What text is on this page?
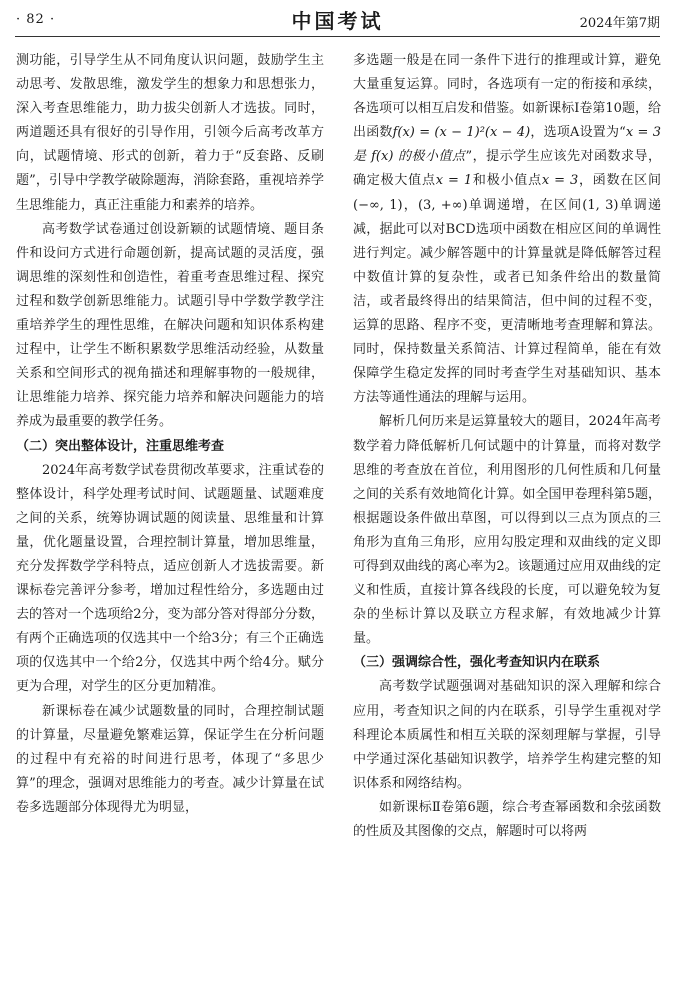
· 82 ·	中国考试	2024年第7期

测功能，引导学生从不同角度认识问题，鼓励学生主动思考、发散思维，激发学生的想象力和思想张力，深入考查思维能力，助力拔尖创新人才选拔。同时，两道题还具有很好的引导作用，引领今后高考改革方向，试题情境、形式的创新，着力于“反套路、反刷题”，引导中学教学破除题海，消除套路，重视培养学生思维能力，真正注重能力和素养的培养。

高考数学试卷通过创设新颖的试题情境、题目条件和设问方式进行命题创新，提高试题的灵活度，强调思维的深刻性和创造性，着重考查思维过程、探究过程和数学创新思维能力。试题引导中学数学教学注重培养学生的理性思维，在解决问题和知识体系构建过程中，让学生不断积累数学思维活动经验，从数量关系和空间形式的视角描述和理解事物的一般规律，让思维能力培养、探究能力培养和解决问题能力的培养成为最重要的教学任务。

（二）突出整体设计，注重思维考查

2024年高考数学试卷贯彻改革要求，注重试卷的整体设计，科学处理考试时间、试题题量、试题难度之间的关系，统筹协调试题的阅读量、思维量和计算量，优化题量设置，合理控制计算量，增加思维量，充分发挥数学学科特点，适应创新人才选拔需要。新课标卷完善评分参考，增加过程性给分，多选题由过去的答对一个选项给2分，变为部分答对得部分分数，有两个正确选项的仅选其中一个给3分；有三个正确选项的仅选其中一个给2分，仅选其中两个给4分。赋分更为合理，对学生的区分更加精准。

新课标卷在减少试题数量的同时，合理控制试题的计算量，尽量避免繁难运算，保证学生在分析问题的过程中有充裕的时间进行思考，体现了“多思少算”的理念，强调对思维能力的考查。减少计算量在试卷多选题部分体现得尤为明显，

多选题一般是在同一条件下进行的推理或计算，避免大量重复运算。同时，各选项有一定的衔接和承续，各选项可以相互启发和借鉴。如新课标Ⅰ卷第10题，给出函数f(x) = (x − 1)²(x − 4)，选项A设置为“x = 3 是 f(x) 的极小值点”，提示学生应该先对函数求导，确定极大值点x = 1和极小值点x = 3，函数在区间(−∞, 1)，(3, +∞)单调递增，在区间(1, 3)单调递减，据此可以对BCD选项中函数在相应区间的单调性进行判定。减少解答题中的计算量就是降低解答过程中数值计算的复杂性，或者已知条件给出的数量简洁，或者最终得出的结果简洁，但中间的过程不变，运算的思路、程序不变，更清晰地考查理解和算法。同时，保持数量关系简洁、计算过程简单，能在有效保障学生稳定发挥的同时考查学生对基础知识、基本方法等通性通法的理解与运用。

解析几何历来是运算量较大的题目，2024年高考数学着力降低解析几何试题中的计算量，而将对数学思维的考查放在首位，利用图形的几何性质和几何量之间的关系有效地简化计算。如全国甲卷理科第5题，根据题设条件做出草图，可以得到以三点为顶点的三角形为直角三角形，应用勾股定理和双曲线的定义即可得到双曲线的离心率为2。该题通过应用双曲线的定义和性质，直接计算各线段的长度，可以避免较为复杂的坐标计算以及联立方程求解，有效地减少计算量。

（三）强调综合性，强化考查知识内在联系

高考数学试题强调对基础知识的深入理解和综合应用，考查知识之间的内在联系，引导学生重视对学科理论本质属性和相互关联的深刻理解与掌握，引导中学通过深化基础知识教学，培养学生构建完整的知识体系和网络结构。

如新课标Ⅱ卷第6题，综合考查幂函数和余弦函数的性质及其图像的交点，解题时可以将两
